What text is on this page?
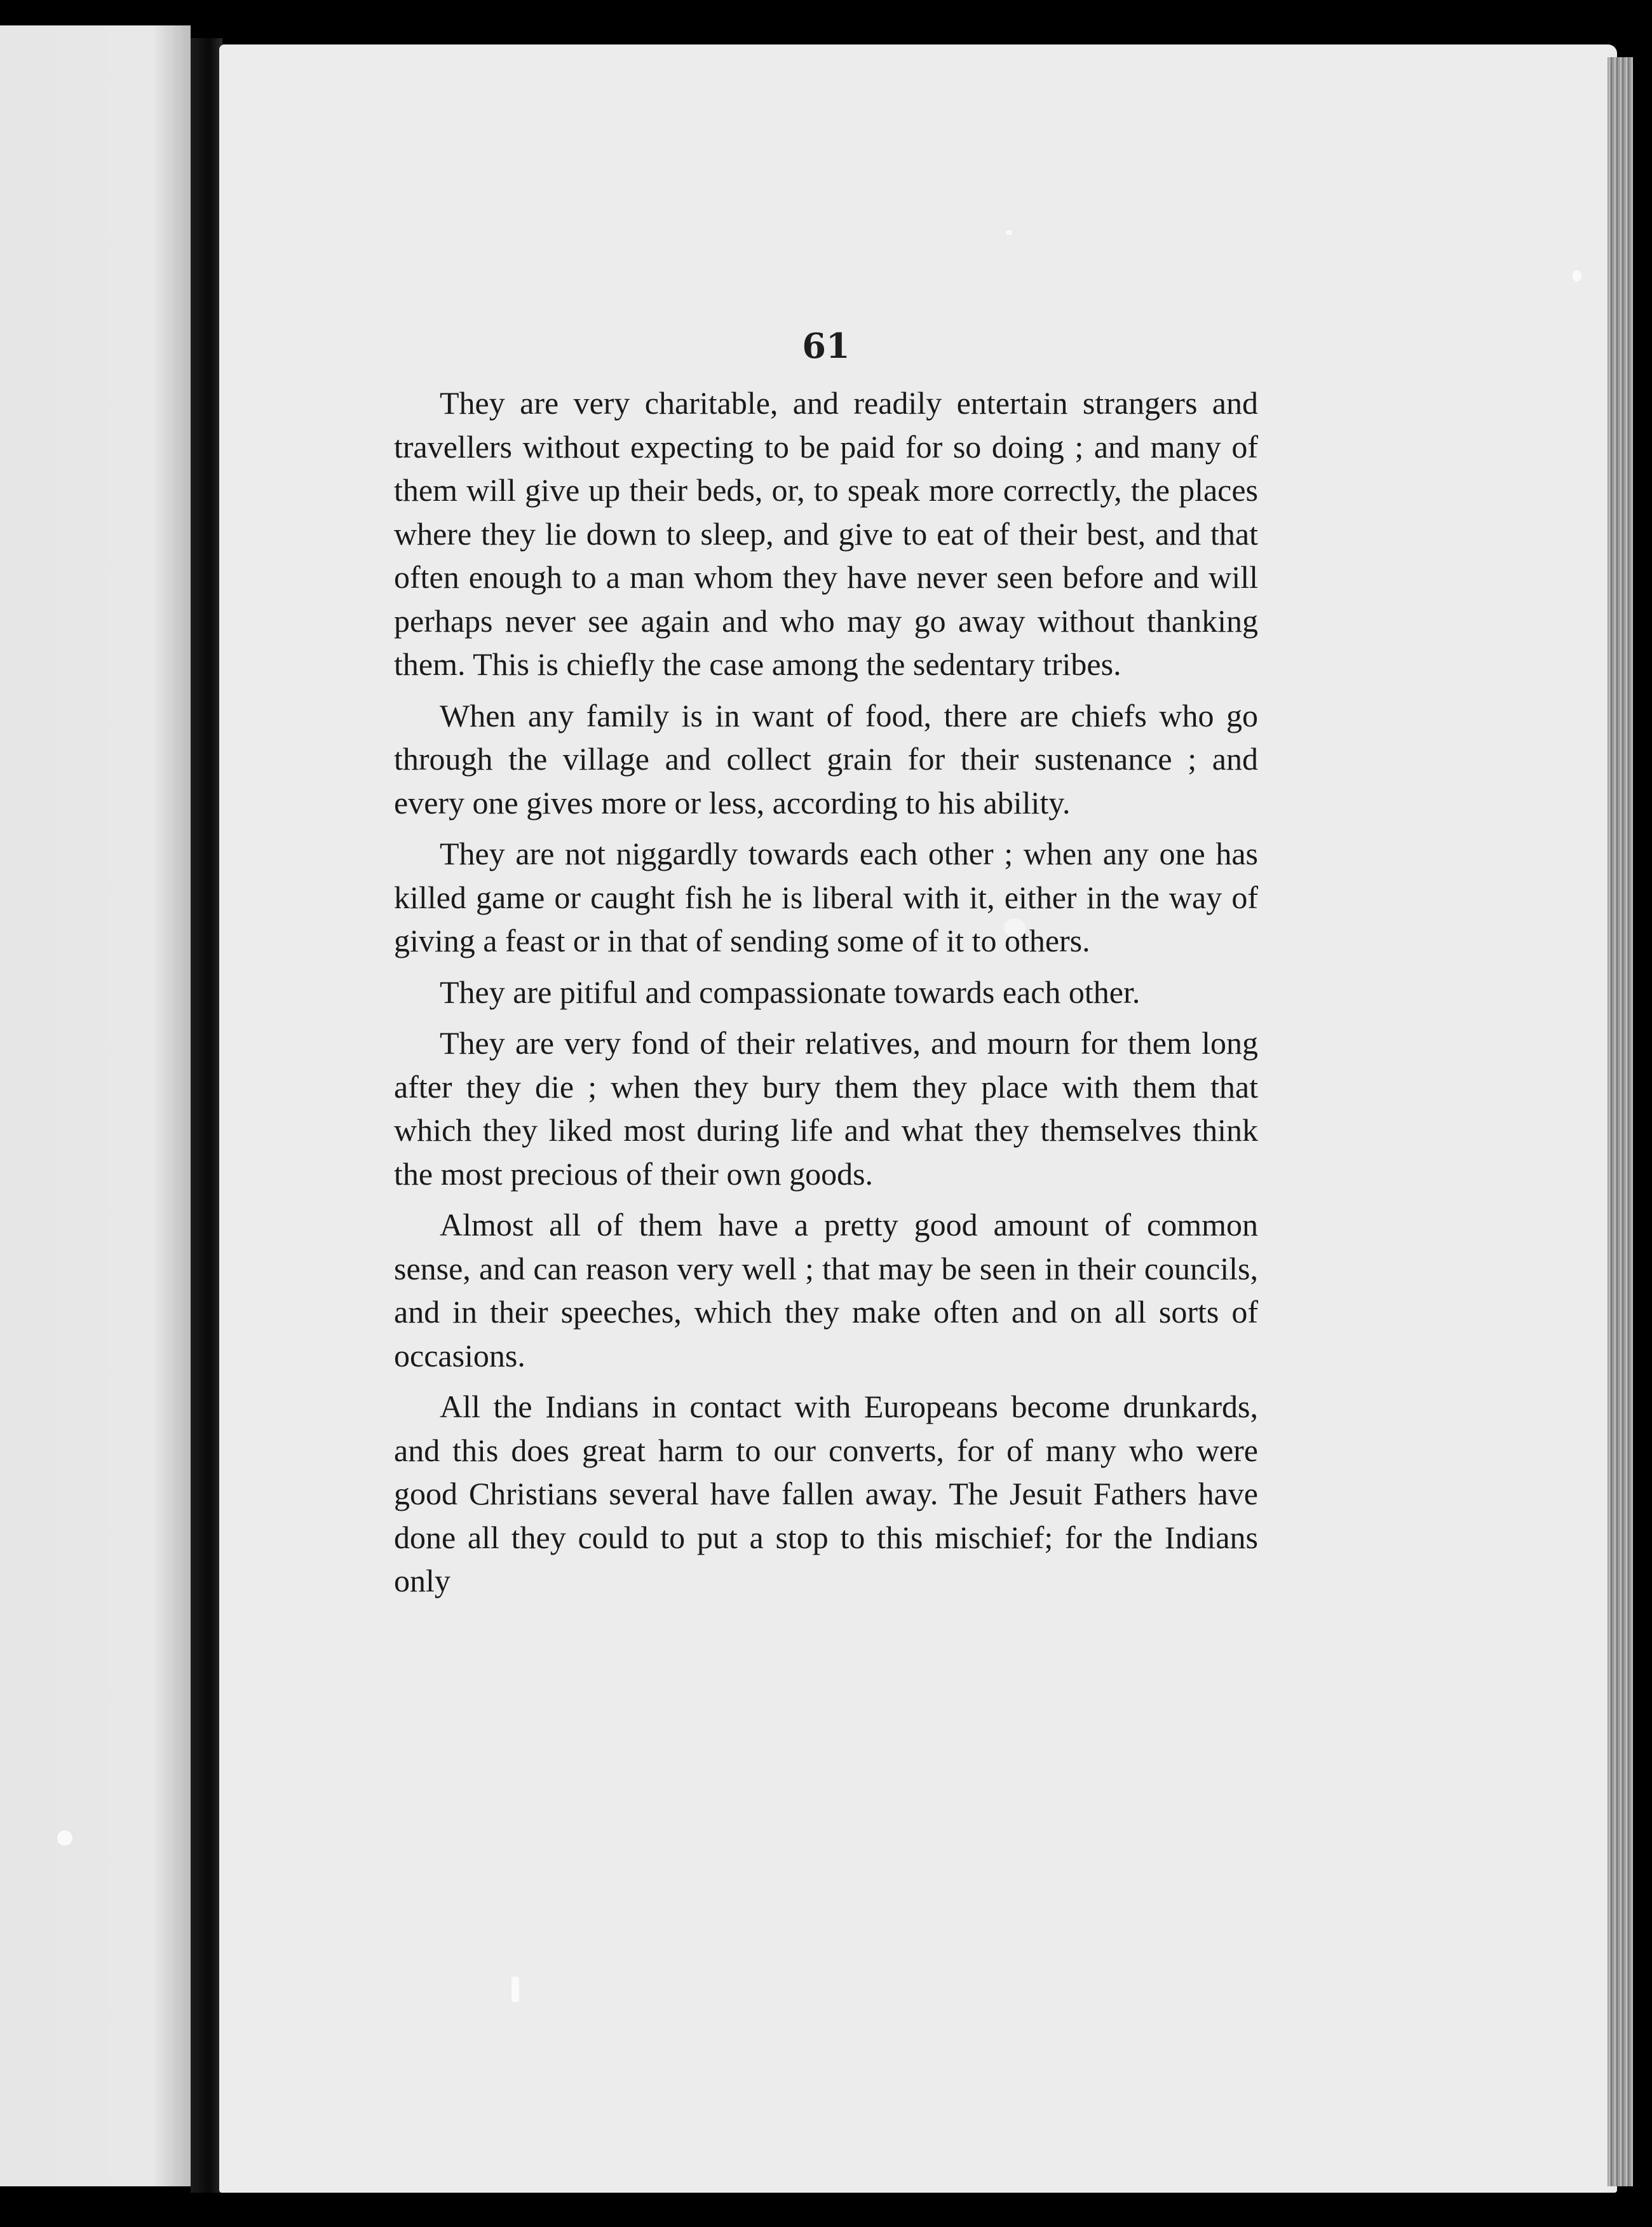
61

They are very charitable, and readily entertain strangers and travellers without expecting to be paid for so doing ; and many of them will give up their beds, or, to speak more correctly, the places where they lie down to sleep, and give to eat of their best, and that often enough to a man whom they have never seen before and will perhaps never see again and who may go away without thanking them. This is chiefly the case among the sedentary tribes.

When any family is in want of food, there are chiefs who go through the village and collect grain for their sustenance ; and every one gives more or less, according to his ability.

They are not niggardly towards each other ; when any one has killed game or caught fish he is liberal with it, either in the way of giving a feast or in that of sending some of it to others.

They are pitiful and compassionate towards each other.

They are very fond of their relatives, and mourn for them long after they die ; when they bury them they place with them that which they liked most during life and what they themselves think the most precious of their own goods.

Almost all of them have a pretty good amount of common sense, and can reason very well ; that may be seen in their councils, and in their speeches, which they make often and on all sorts of occasions.

All the Indians in contact with Europeans become drunkards, and this does great harm to our converts, for of many who were good Christians several have fallen away. The Jesuit Fathers have done all they could to put a stop to this mischief; for the Indians only
